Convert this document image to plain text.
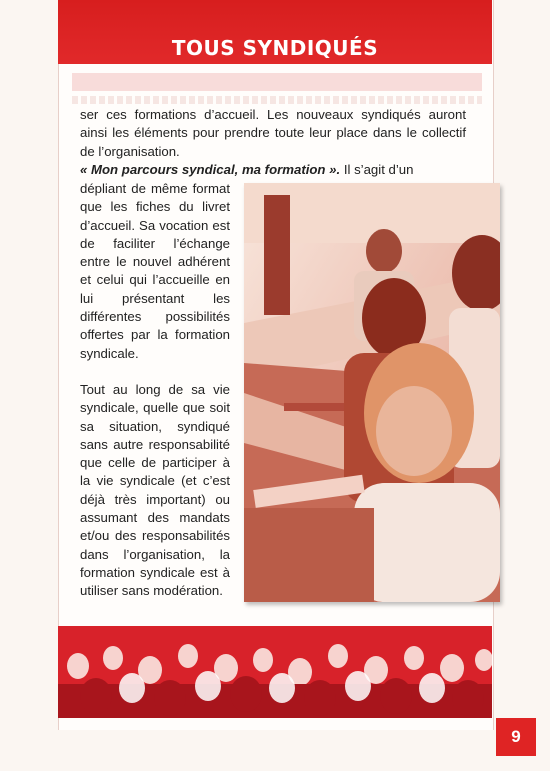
TOUS SYNDIQUÉS

ser ces formations d’accueil. Les nouveaux syndiqués auront ainsi les éléments pour prendre toute leur place dans le collectif de l’organisation.

« Mon parcours syndical, ma formation ». Il s’agit d’un

dépliant de même format que les fiches du livret d’accueil. Sa vocation est de faciliter l’échange entre le nouvel adhérent et celui qui l’accueille en lui présentant les différentes possibilités offertes par la formation syndicale.

Tout au long de sa vie syndicale, quelle que soit sa situation, syndiqué sans autre responsabilité que celle de participer à la vie syndicale (et c’est déjà très important) ou assumant des mandats et/ou des responsabilités dans l’organisation, la formation syndicale est à utiliser sans modération.

9
